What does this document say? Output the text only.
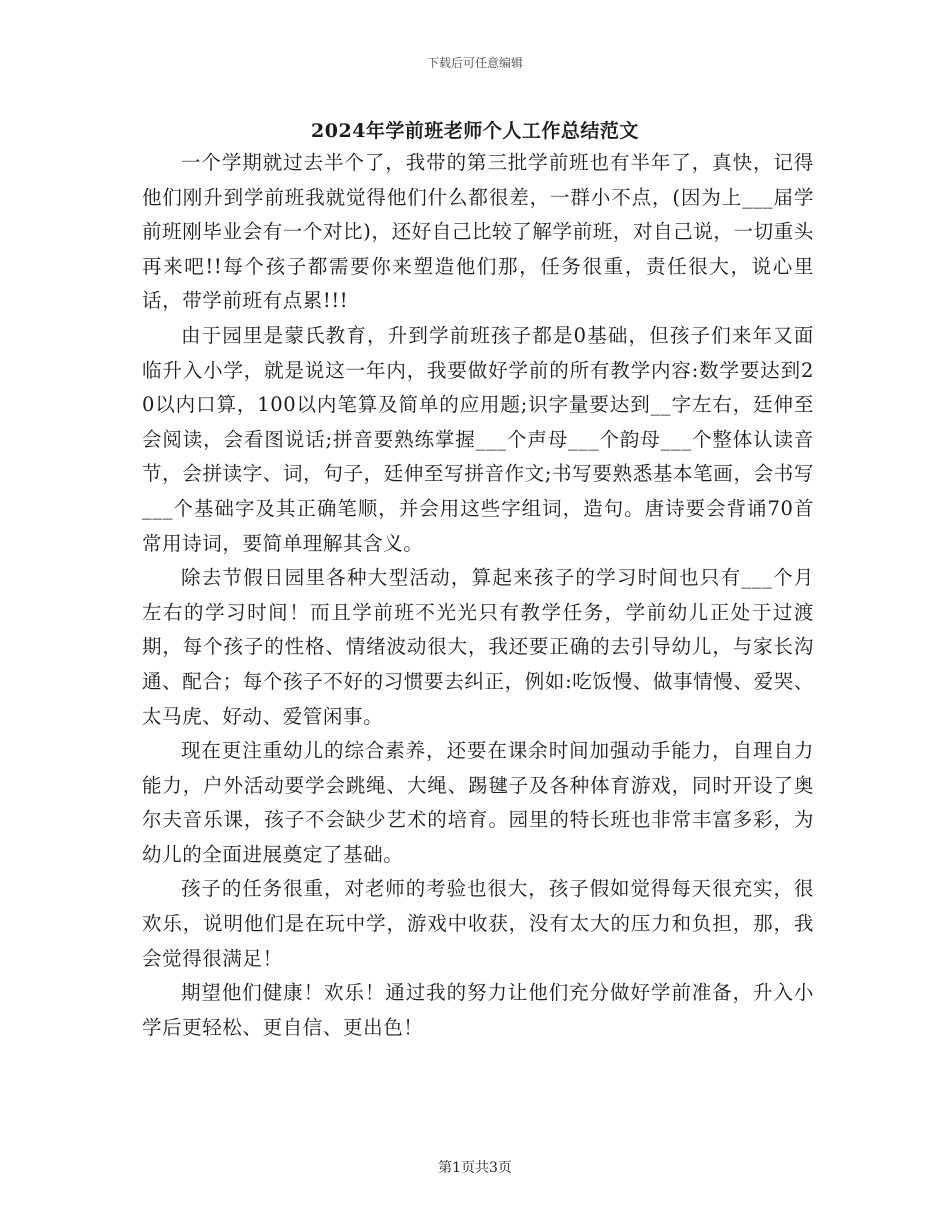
下载后可任意编辑
2024年学前班老师个人工作总结范文

一个学期就过去半个了，我带的第三批学前班也有半年了，真快，记得他们刚升到学前班我就觉得他们什么都很差，一群小不点，(因为上___届学前班刚毕业会有一个对比)，还好自己比较了解学前班，对自己说，一切重头再来吧!!每个孩子都需要你来塑造他们那，任务很重，责任很大，说心里话，带学前班有点累!!!

由于园里是蒙氏教育，升到学前班孩子都是0基础，但孩子们来年又面临升入小学，就是说这一年内，我要做好学前的所有教学内容:数学要达到20以内口算，100以内笔算及简单的应用题;识字量要达到__字左右，廷伸至会阅读，会看图说话;拼音要熟练掌握___个声母___个韵母___个整体认读音节，会拼读字、词，句子，廷伸至写拼音作文;书写要熟悉基本笔画，会书写___个基础字及其正确笔顺，并会用这些字组词，造句。唐诗要会背诵70首常用诗词，要简单理解其含义。

除去节假日园里各种大型活动，算起来孩子的学习时间也只有___个月左右的学习时间！而且学前班不光光只有教学任务，学前幼儿正处于过渡期，每个孩子的性格、情绪波动很大，我还要正确的去引导幼儿，与家长沟通、配合；每个孩子不好的习惯要去纠正，例如:吃饭慢、做事情慢、爱哭、太马虎、好动、爱管闲事。

现在更注重幼儿的综合素养，还要在课余时间加强动手能力，自理自力能力，户外活动要学会跳绳、大绳、踢毽子及各种体育游戏，同时开设了奥尔夫音乐课，孩子不会缺少艺术的培育。园里的特长班也非常丰富多彩，为幼儿的全面进展奠定了基础。

孩子的任务很重，对老师的考验也很大，孩子假如觉得每天很充实，很欢乐，说明他们是在玩中学，游戏中收获，没有太大的压力和负担，那，我会觉得很满足！

期望他们健康！欢乐！通过我的努力让他们充分做好学前准备，升入小学后更轻松、更自信、更出色！

第1页共3页
